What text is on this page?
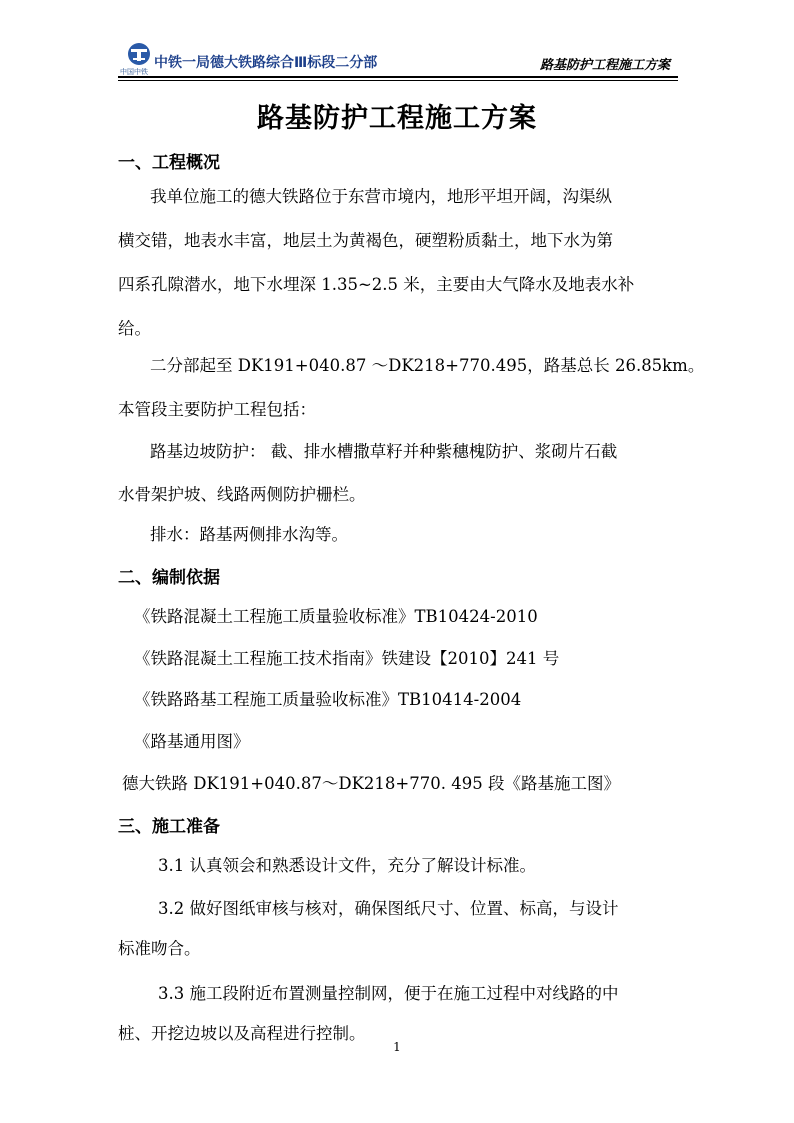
中国中铁
中铁一局德大铁路综合Ⅲ标段二分部	路基防护工程施工方案
路基防护工程施工方案
一、工程概况
我单位施工的德大铁路位于东营市境内，地形平坦开阔，沟渠纵
横交错，地表水丰富，地层土为黄褐色，硬塑粉质黏土，地下水为第
四系孔隙潜水，地下水埋深 1.35~2.5 米，主要由大气降水及地表水补
给。
二分部起至 DK191+040.87 ～DK218+770.495，路基总长 26.85km。
本管段主要防护工程包括：
路基边坡防护： 截、排水槽撒草籽并种紫穗槐防护、浆砌片石截
水骨架护坡、线路两侧防护栅栏。
排水：路基两侧排水沟等。
二、编制依据
《铁路混凝土工程施工质量验收标准》TB10424-2010
《铁路混凝土工程施工技术指南》铁建设【2010】241 号
《铁路路基工程施工质量验收标准》TB10414-2004
《路基通用图》
德大铁路 DK191+040.87～DK218+770. 495 段《路基施工图》
三、施工准备
3.1 认真领会和熟悉设计文件，充分了解设计标准。
3.2 做好图纸审核与核对，确保图纸尺寸、位置、标高，与设计
标准吻合。
3.3 施工段附近布置测量控制网，便于在施工过程中对线路的中
桩、开挖边坡以及高程进行控制。
1
